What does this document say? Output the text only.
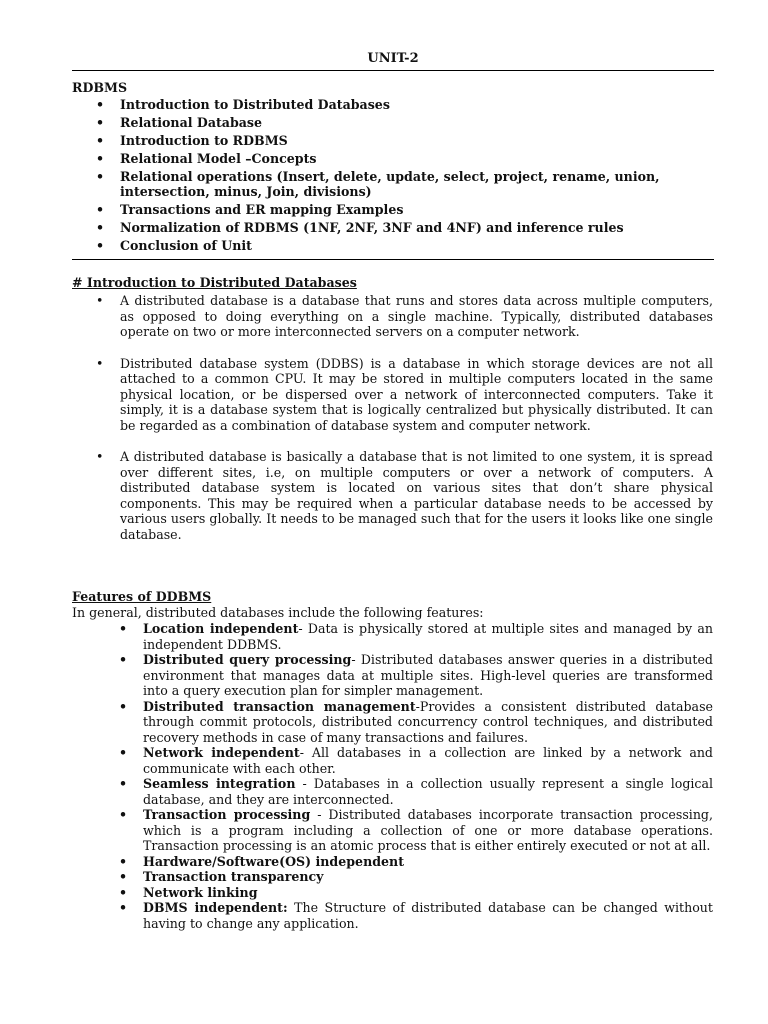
UNIT-2
RDBMS
• Introduction to Distributed Databases
• Relational Database
• Introduction to RDBMS
• Relational Model –Concepts
• Relational operations (Insert, delete, update, select, project, rename, union, intersection, minus, Join, divisions)
• Transactions and ER mapping Examples
• Normalization of RDBMS (1NF, 2NF, 3NF and 4NF) and inference rules
• Conclusion of Unit
# Introduction to Distributed Databases
• A distributed database is a database that runs and stores data across multiple computers, as opposed to doing everything on a single machine. Typically, distributed databases operate on two or more interconnected servers on a computer network.
• Distributed database system (DDBS) is a database in which storage devices are not all attached to a common CPU. It may be stored in multiple computers located in the same physical location, or be dispersed over a network of interconnected computers. Take it simply, it is a database system that is logically centralized but physically distributed. It can be regarded as a combination of database system and computer network.
• A distributed database is basically a database that is not limited to one system, it is spread over different sites, i.e, on multiple computers or over a network of computers. A distributed database system is located on various sites that don’t share physical components. This may be required when a particular database needs to be accessed by various users globally. It needs to be managed such that for the users it looks like one single database.
Features of DDBMS
In general, distributed databases include the following features:
• Location independent- Data is physically stored at multiple sites and managed by an independent DDBMS.
• Distributed query processing- Distributed databases answer queries in a distributed environment that manages data at multiple sites. High-level queries are transformed into a query execution plan for simpler management.
• Distributed transaction management-Provides a consistent distributed database through commit protocols, distributed concurrency control techniques, and distributed recovery methods in case of many transactions and failures.
• Network independent- All databases in a collection are linked by a network and communicate with each other.
• Seamless integration - Databases in a collection usually represent a single logical database, and they are interconnected.
• Transaction processing - Distributed databases incorporate transaction processing, which is a program including a collection of one or more database operations. Transaction processing is an atomic process that is either entirely executed or not at all.
• Hardware/Software(OS) independent
• Transaction transparency
• Network linking
• DBMS independent: The Structure of distributed database can be changed without having to change any application.
